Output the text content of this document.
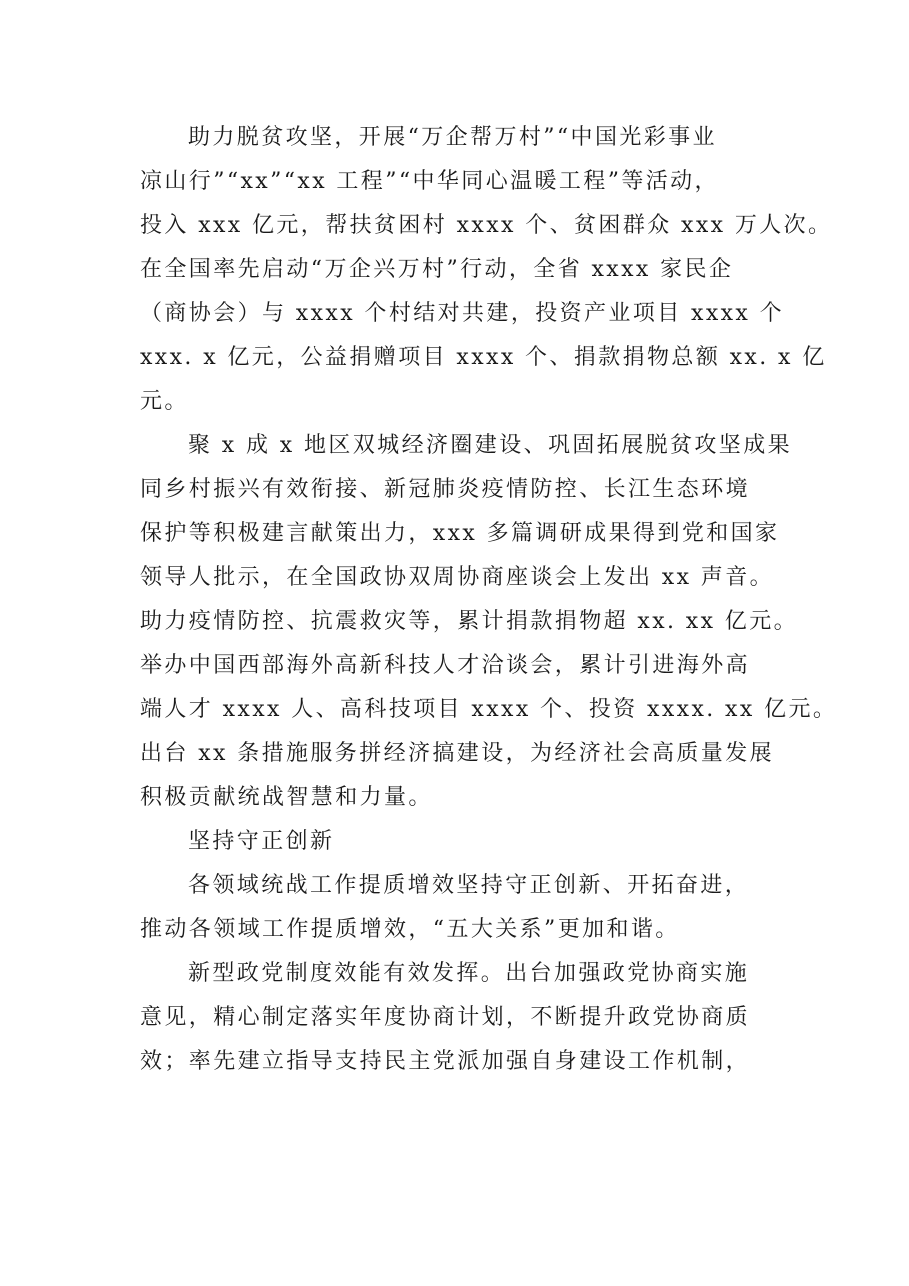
助力脱贫攻坚，开展“万企帮万村”“中国光彩事业
凉山行”“xx”“xx 工程”“中华同心温暖工程”等活动，
投入 xxx 亿元，帮扶贫困村 xxxx 个、贫困群众 xxx 万人次。
在全国率先启动“万企兴万村”行动，全省 xxxx 家民企
（商协会）与 xxxx 个村结对共建，投资产业项目 xxxx 个
xxx. x 亿元，公益捐赠项目 xxxx 个、捐款捐物总额 xx. x 亿
元。
聚 x 成 x 地区双城经济圈建设、巩固拓展脱贫攻坚成果
同乡村振兴有效衔接、新冠肺炎疫情防控、长江生态环境
保护等积极建言献策出力，xxx 多篇调研成果得到党和国家
领导人批示，在全国政协双周协商座谈会上发出 xx 声音。
助力疫情防控、抗震救灾等，累计捐款捐物超 xx. xx 亿元。
举办中国西部海外高新科技人才洽谈会，累计引进海外高
端人才 xxxx 人、高科技项目 xxxx 个、投资 xxxx. xx 亿元。
出台 xx 条措施服务拼经济搞建设，为经济社会高质量发展
积极贡献统战智慧和力量。
坚持守正创新
各领域统战工作提质增效坚持守正创新、开拓奋进，
推动各领域工作提质增效，“五大关系”更加和谐。
新型政党制度效能有效发挥。出台加强政党协商实施
意见，精心制定落实年度协商计划，不断提升政党协商质
效；率先建立指导支持民主党派加强自身建设工作机制，
